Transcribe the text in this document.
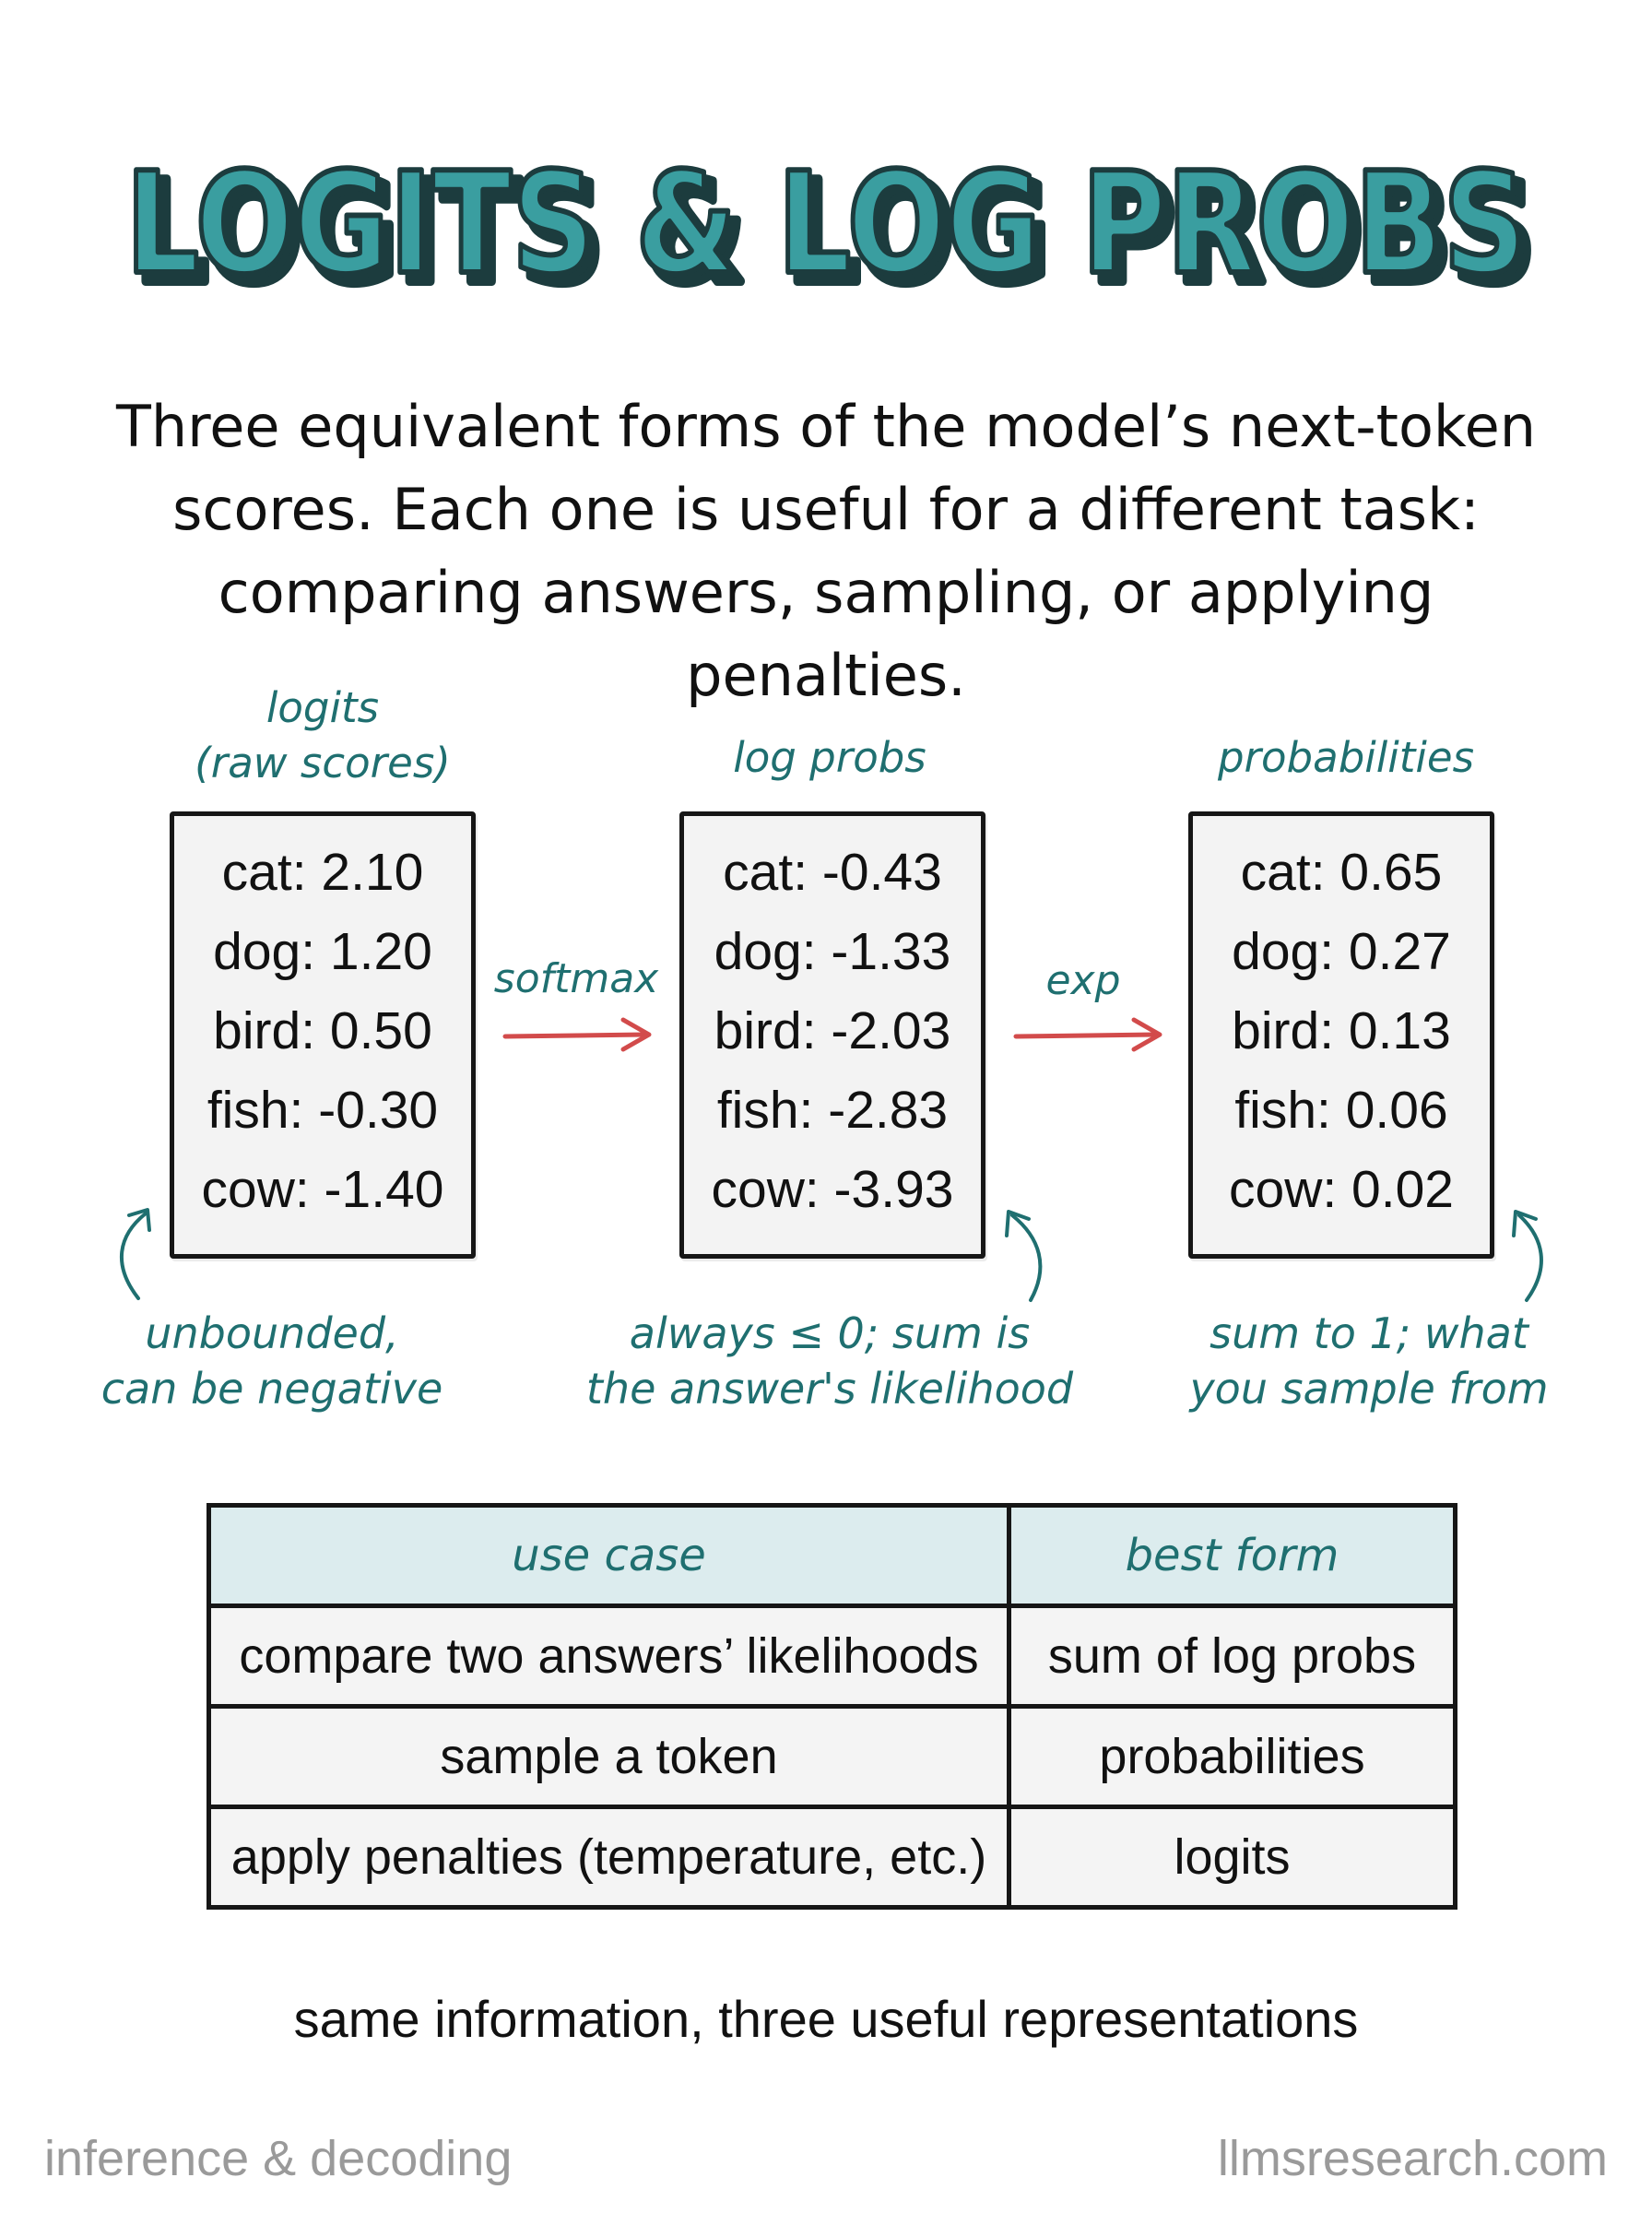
LOGITS & LOG PROBS
LOGITS & LOG PROBS
Three equivalent forms of the model’s next-token
scores. Each one is useful for a different task:
comparing answers, sampling, or applying penalties.
logits
(raw scores)
cat: 2.10
dog: 1.20
bird: 0.50
fish: -0.30
cow: -1.40
unbounded,
can be negative
log probs
cat: -0.43
dog: -1.33
bird: -2.03
fish: -2.83
cow: -3.93
always ≤ 0; sum is
the answer's likelihood
probabilities
cat: 0.65
dog: 0.27
bird: 0.13
fish: 0.06
cow: 0.02
sum to 1; what
you sample from
softmax	exp
use case	best form
compare two answers’ likelihoods	sum of log probs
sample a token	probabilities
apply penalties (temperature, etc.)	logits
same information, three useful representations
inference & decoding	llmsresearch.com
